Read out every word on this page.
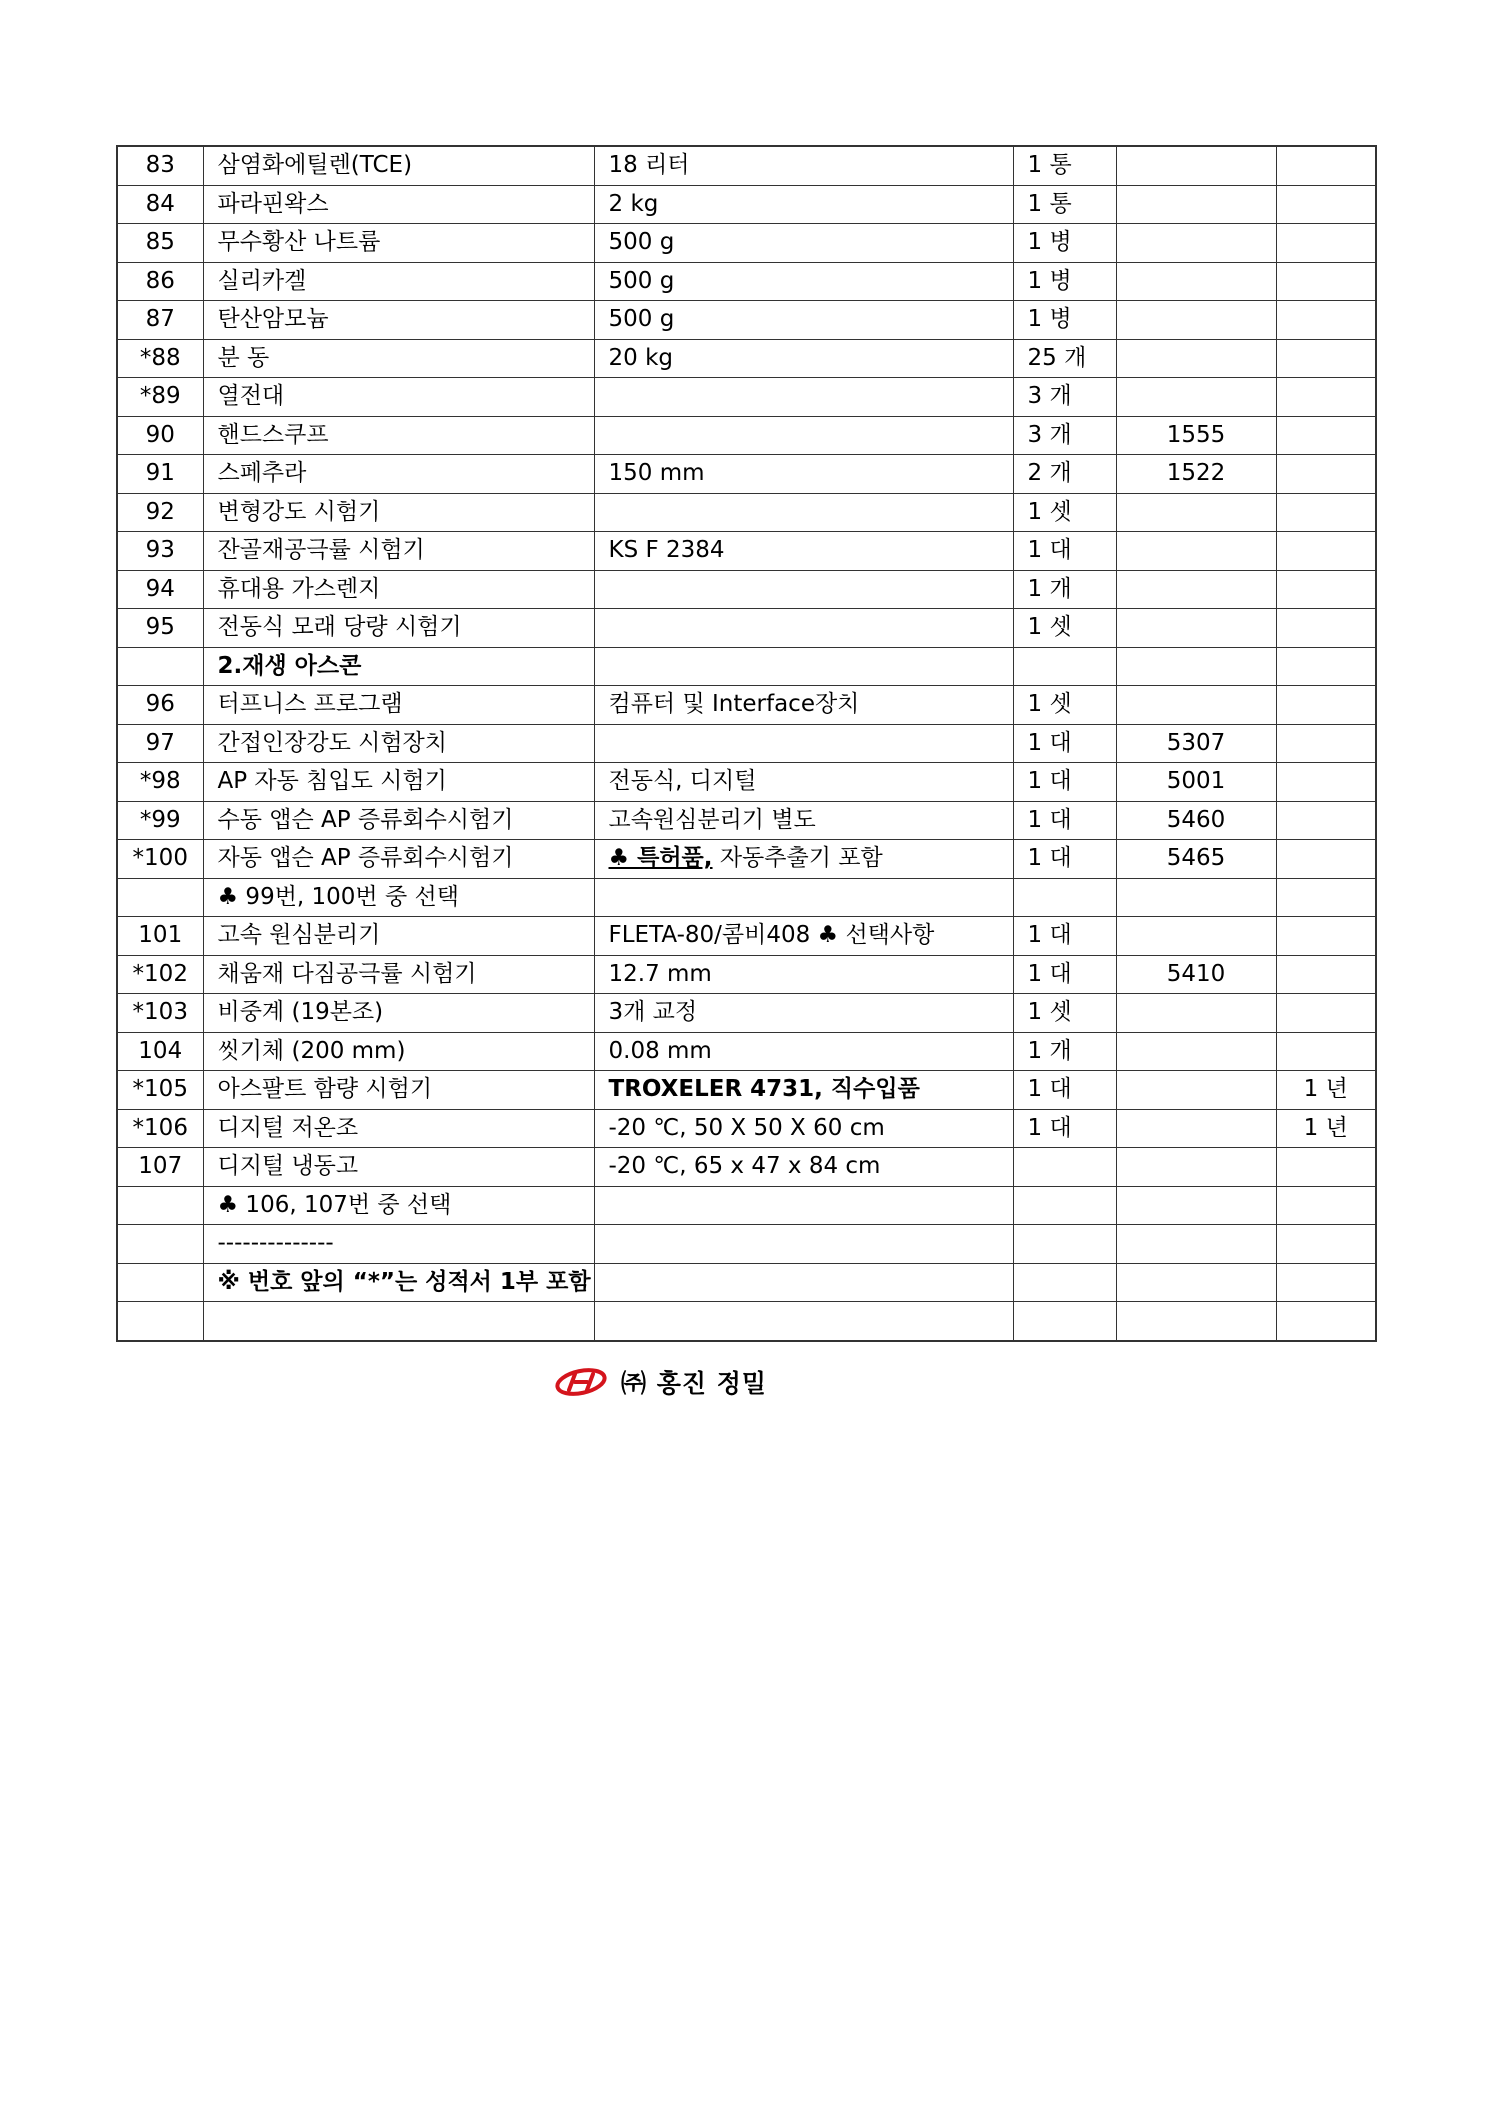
83	삼염화에틸렌(TCE)	18 리터	1 통		
84	파라핀왁스	2 kg	1 통		
85	무수황산 나트륨	500 g	1 병		
86	실리카겔	500 g	1 병		
87	탄산암모늄	500 g	1 병		
*88	분 동	20 kg	25 개		
*89	열전대		3 개		
90	핸드스쿠프		3 개	1555	
91	스페추라	150 mm	2 개	1522	
92	변형강도 시험기		1 셋		
93	잔골재공극률 시험기	KS F 2384	1 대		
94	휴대용 가스렌지		1 개		
95	전동식 모래 당량 시험기		1 셋		
	2.재생 아스콘				
96	터프니스 프로그램	컴퓨터 및 Interface장치	1 셋		
97	간접인장강도 시험장치		1 대	5307	
*98	AP 자동 침입도 시험기	전동식, 디지털	1 대	5001	
*99	수동 앱슨 AP 증류회수시험기	고속원심분리기 별도	1 대	5460	
*100	자동 앱슨 AP 증류회수시험기	♣ 특허품, 자동추출기 포함	1 대	5465	
	♣ 99번, 100번 중 선택				
101	고속 원심분리기	FLETA-80/콤비408 ♣ 선택사항	1 대		
*102	채움재 다짐공극률 시험기	12.7 mm	1 대	5410	
*103	비중계 (19본조)	3개 교정	1 셋		
104	씻기체 (200 mm)	0.08 mm	1 개		
*105	아스팔트 함량 시험기	TROXELER 4731, 직수입품	1 대		1 년
*106	디지털 저온조	-20 ℃, 50 X 50 X 60 cm	1 대		1 년
107	디지털 냉동고	-20 ℃, 65 x 47 x 84 cm			
	♣ 106, 107번 중 선택				
	--------------				
	※ 번호 앞의 “*”는 성적서 1부 포함				

㈜ 홍진 정밀
